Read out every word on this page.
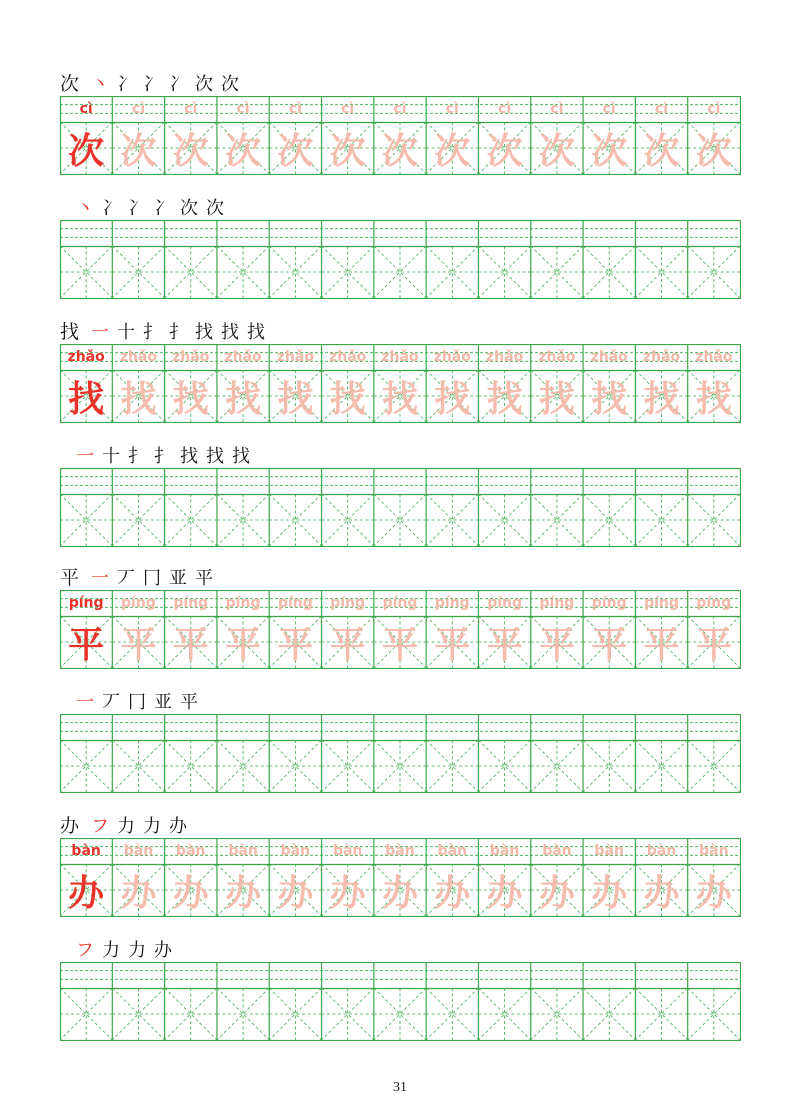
次 丶 冫 冫 冫 次 次
cì
次
cì
次
cì
次
cì
次
cì
次
cì
次
cì
次
cì
次
cì
次
cì
次
cì
次
cì
次
cì
次
丶 冫 冫 冫 次 次
找 一 十 扌 扌 找 找 找
zhǎo
找
zhǎo
找
zhǎo
找
zhǎo
找
zhǎo
找
zhǎo
找
zhǎo
找
zhǎo
找
zhǎo
找
zhǎo
找
zhǎo
找
zhǎo
找
zhǎo
找
一 十 扌 扌 找 找 找
平 一 丆 冂 亚 平
píng
平
píng
平
píng
平
píng
平
píng
平
píng
平
píng
平
píng
平
píng
平
píng
平
píng
平
píng
平
píng
平
一 丆 冂 亚 平
办 フ 力 力 办
bàn
办
bàn
办
bàn
办
bàn
办
bàn
办
bàn
办
bàn
办
bàn
办
bàn
办
bàn
办
bàn
办
bàn
办
bàn
办
フ 力 力 办
31
